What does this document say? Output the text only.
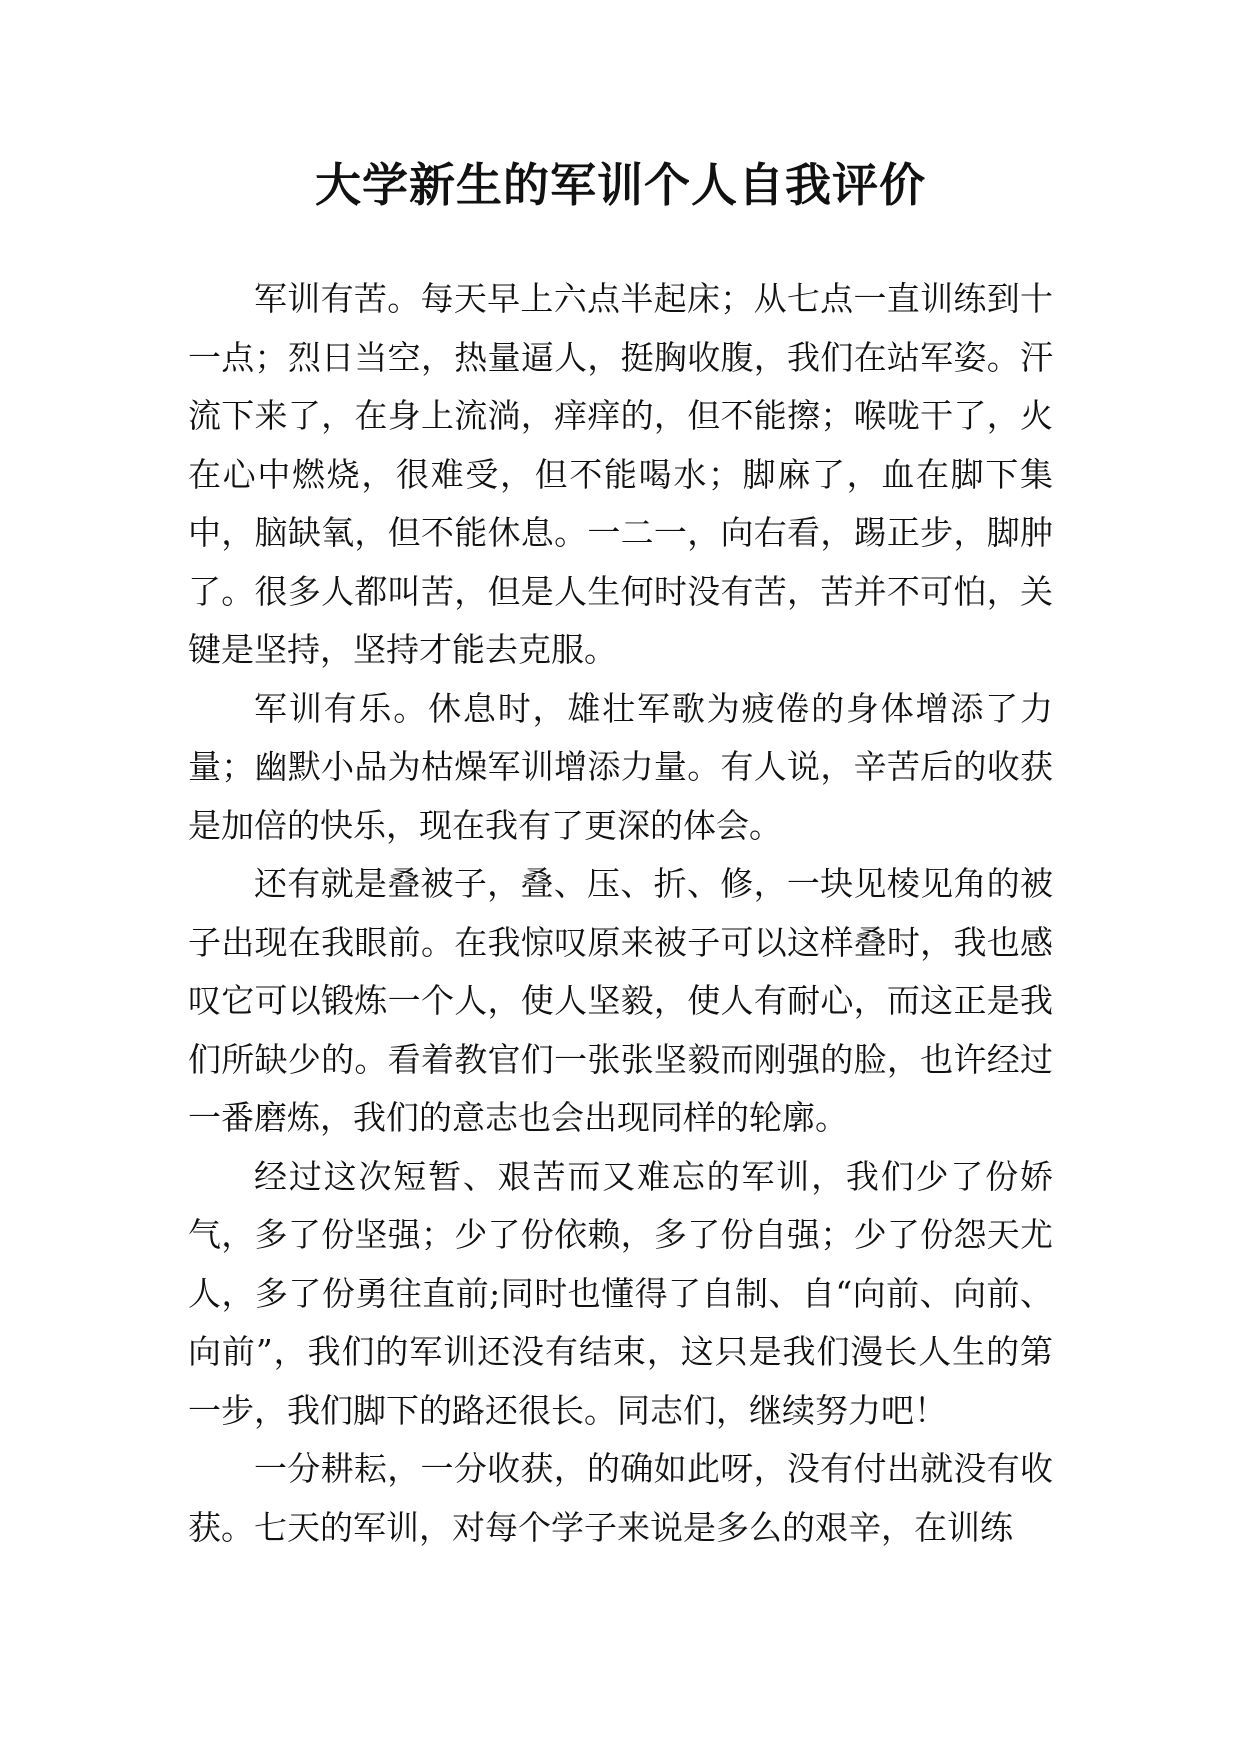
大学新生的军训个人自我评价

军训有苦。每天早上六点半起床；从七点一直训练到十一点；烈日当空，热量逼人，挺胸收腹，我们在站军姿。汗流下来了，在身上流淌，痒痒的，但不能擦；喉咙干了，火在心中燃烧，很难受，但不能喝水；脚麻了，血在脚下集中，脑缺氧，但不能休息。一二一，向右看，踢正步，脚肿了。很多人都叫苦，但是人生何时没有苦，苦并不可怕，关键是坚持，坚持才能去克服。

军训有乐。休息时，雄壮军歌为疲倦的身体增添了力量；幽默小品为枯燥军训增添力量。有人说，辛苦后的收获是加倍的快乐，现在我有了更深的体会。

还有就是叠被子，叠、压、折、修，一块见棱见角的被子出现在我眼前。在我惊叹原来被子可以这样叠时，我也感叹它可以锻炼一个人，使人坚毅，使人有耐心，而这正是我们所缺少的。看着教官们一张张坚毅而刚强的脸，也许经过一番磨炼，我们的意志也会出现同样的轮廓。

经过这次短暂、艰苦而又难忘的军训，我们少了份娇气，多了份坚强；少了份依赖，多了份自强；少了份怨天尤人，多了份勇往直前;同时也懂得了自制、自“向前、向前、向前”，我们的军训还没有结束，这只是我们漫长人生的第一步，我们脚下的路还很长。同志们，继续努力吧！

一分耕耘，一分收获，的确如此呀，没有付出就没有收获。七天的军训，对每个学子来说是多么的艰辛，在训练
